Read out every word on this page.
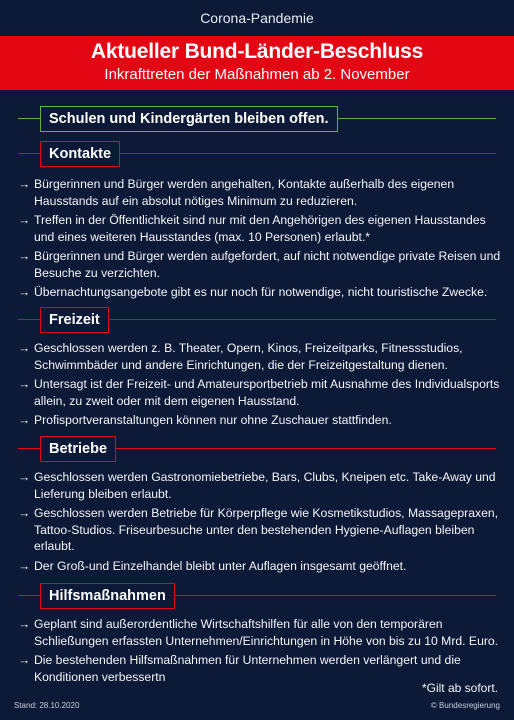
Corona-Pandemie
Aktueller Bund-Länder-Beschluss
Inkrafttreten der Maßnahmen ab 2. November
Schulen und Kindergärten bleiben offen.
Kontakte
→ Bürgerinnen und Bürger werden angehalten, Kontakte außerhalb des eigenen Hausstands auf ein absolut nötiges Minimum zu reduzieren.
→ Treffen in der Öffentlichkeit sind nur mit den Angehörigen des eigenen Hausstandes und eines weiteren Hausstandes (max. 10 Personen) erlaubt.*
→ Bürgerinnen und Bürger werden aufgefordert, auf nicht notwendige private Reisen und Besuche zu verzichten.
→ Übernachtungsangebote gibt es nur noch für notwendige, nicht touristische Zwecke.
Freizeit
→ Geschlossen werden z. B. Theater, Opern, Kinos, Freizeitparks, Fitnessstudios, Schwimmbäder und andere Einrichtungen, die der Freizeitgestaltung dienen.
→ Untersagt ist der Freizeit- und Amateursportbetrieb mit Ausnahme des Individualsports allein, zu zweit oder mit dem eigenen Hausstand.
→ Profisportveranstaltungen können nur ohne Zuschauer stattfinden.
Betriebe
→ Geschlossen werden Gastronomiebetriebe, Bars, Clubs, Kneipen etc. Take-Away und Lieferung bleiben erlaubt.
→ Geschlossen werden Betriebe für Körperpflege wie Kosmetikstudios, Massagepraxen, Tattoo-Studios. Friseurbesuche unter den bestehenden Hygiene-Auflagen bleiben erlaubt.
→ Der Groß-und Einzelhandel bleibt unter Auflagen insgesamt geöffnet.
Hilfsmaßnahmen
→ Geplant sind außerordentliche Wirtschaftshilfen für alle von den temporären Schließungen erfassten Unternehmen/Einrichtungen in Höhe von bis zu 10 Mrd. Euro.
→ Die bestehenden Hilfsmaßnahmen für Unternehmen werden verlängert und die Konditionen verbessertn
*Gilt ab sofort.
Stand: 28.10.2020	© Bundesregierung
